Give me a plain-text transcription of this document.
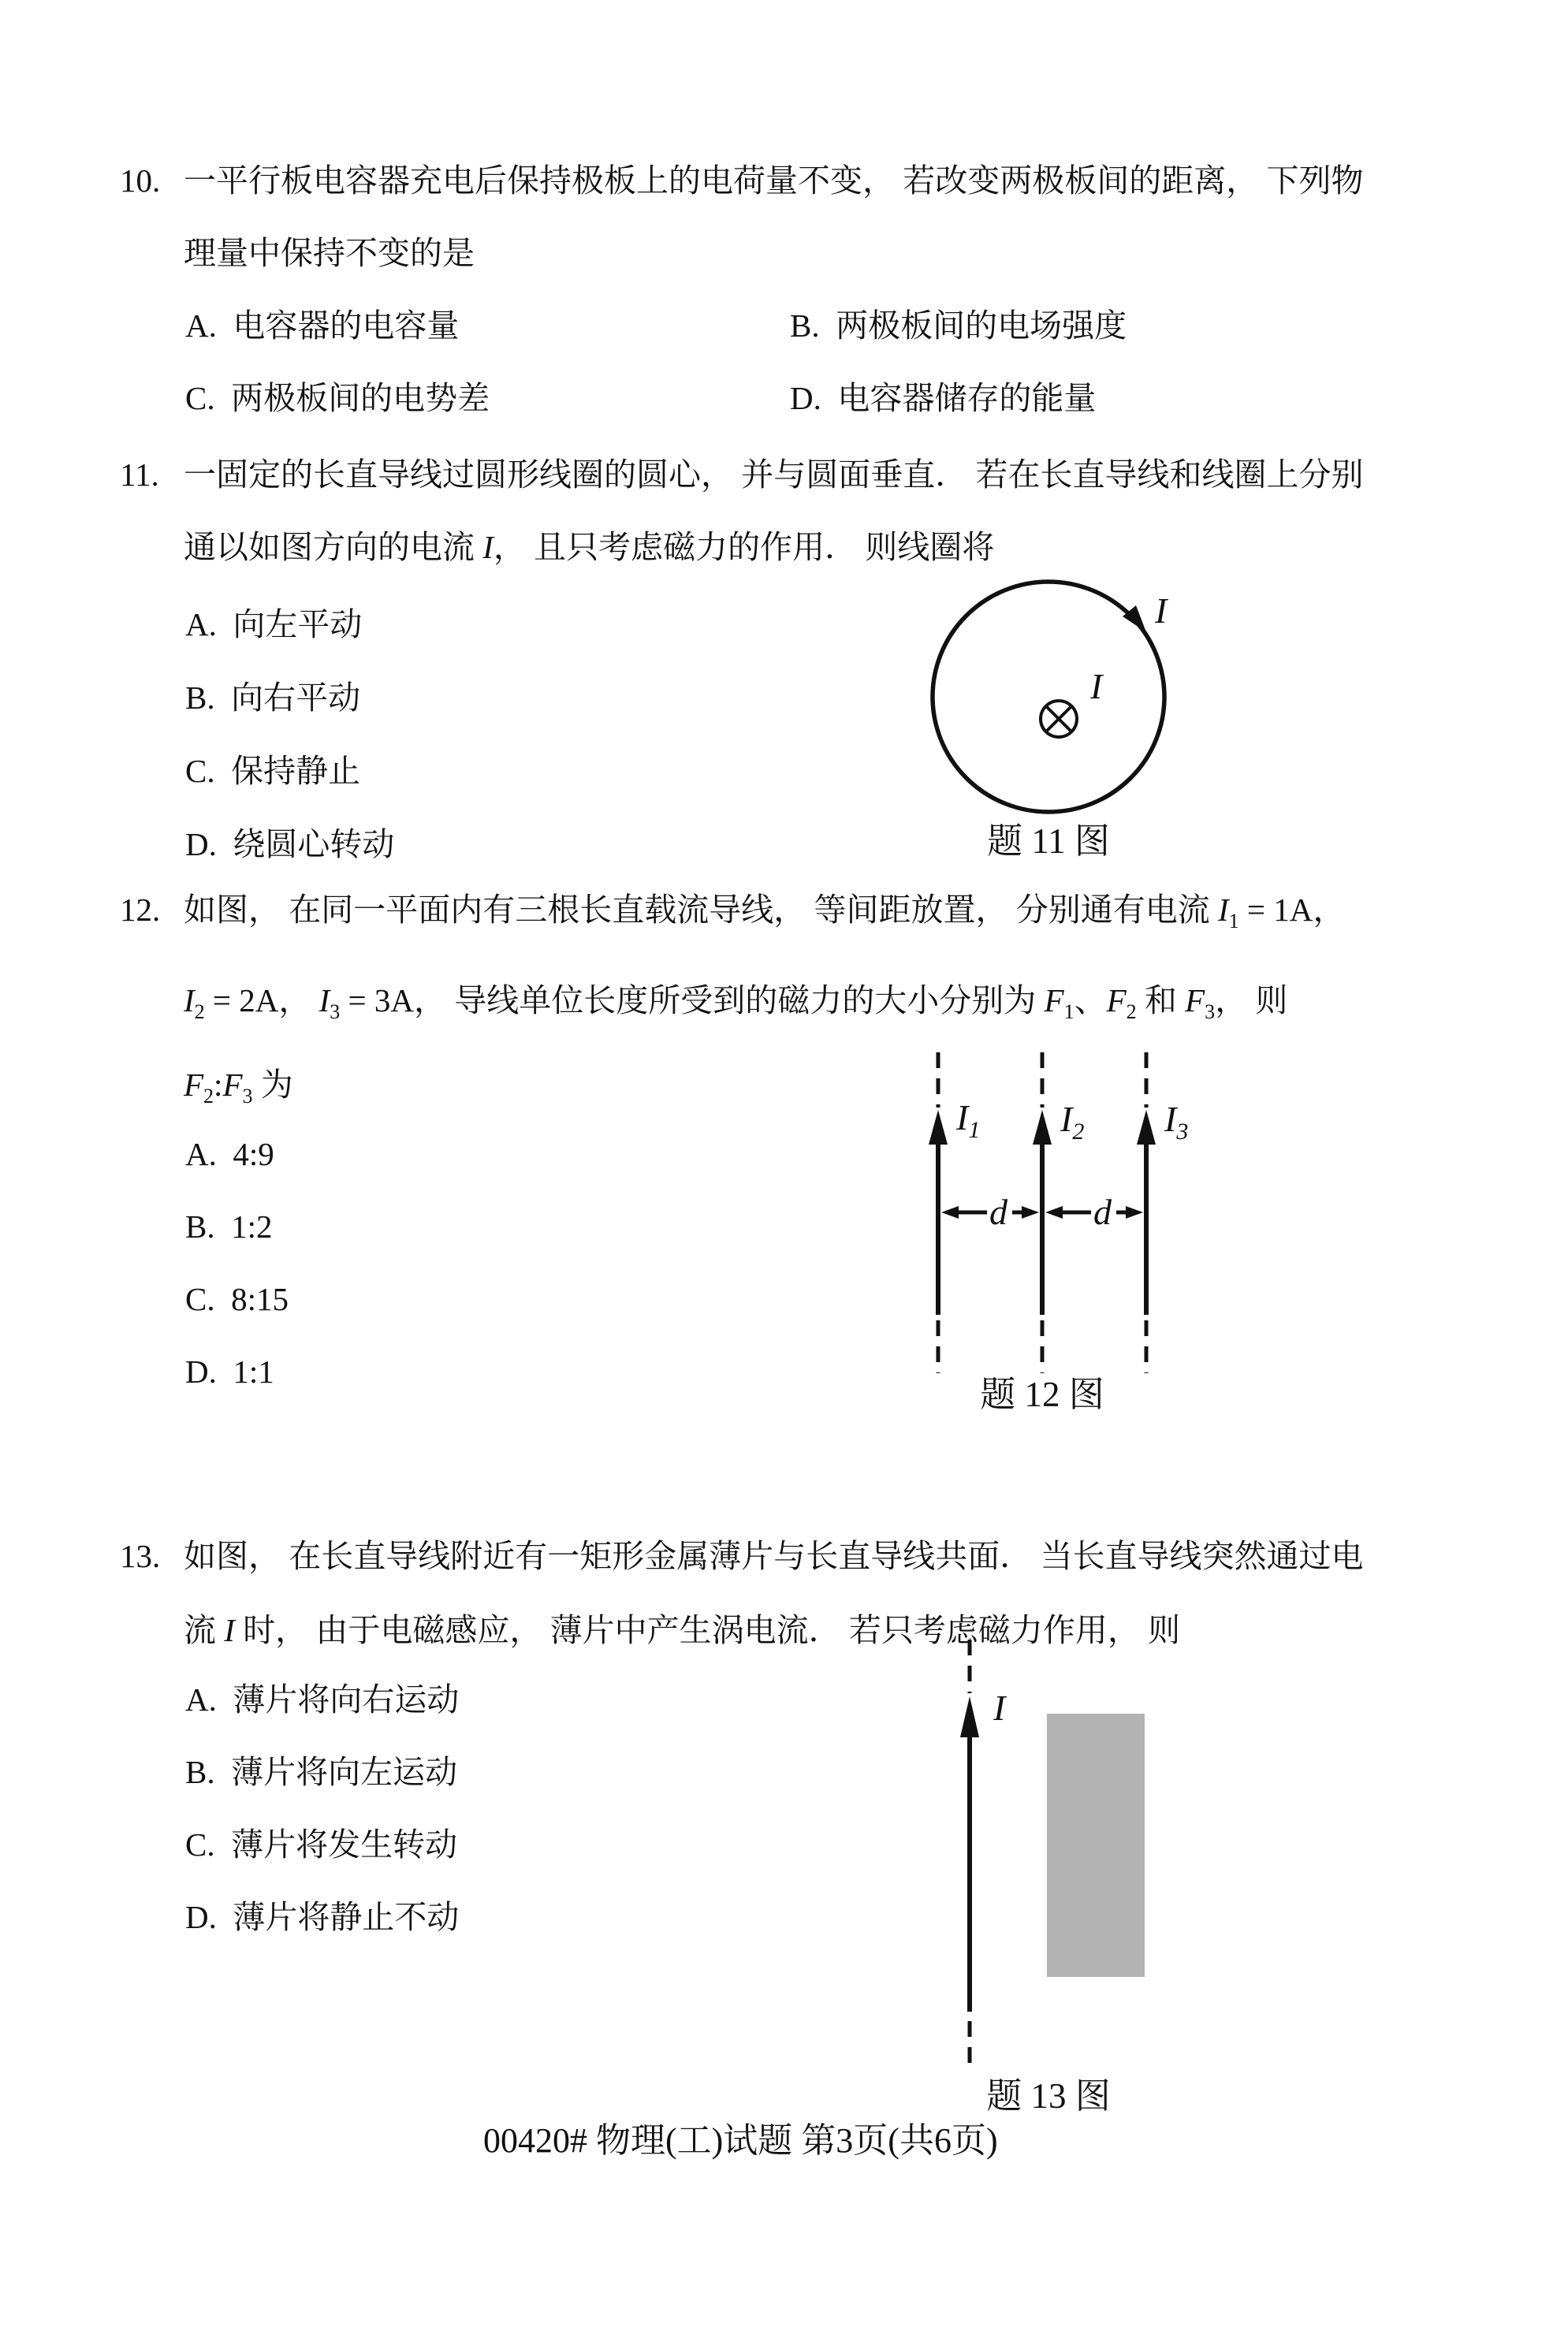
10. 一平行板电容器充电后保持极板上的电荷量不变， 若改变两极板间的距离， 下列物
理量中保持不变的是
A.  电容器的电容量	B.  两极板间的电场强度
C.  两极板间的电势差	D.  电容器储存的能量
11. 一固定的长直导线过圆形线圈的圆心， 并与圆面垂直． 若在长直导线和线圈上分别
通以如图方向的电流 I， 且只考虑磁力的作用． 则线圈将
A.  向左平动
B.  向右平动
C.  保持静止
D.  绕圆心转动
I
I
题 11 图
12. 如图， 在同一平面内有三根长直载流导线， 等间距放置， 分别通有电流 $I_1 = 1A$，
$I_2 = 2A$， $I_3 = 3A$， 导线单位长度所受到的磁力的大小分别为 $F_1$、$F_2$ 和 $F_3$， 则
$F_2:F_3$ 为
A.  4:9
B.  1:2
C.  8:15
D.  1:1
$I_1$ $I_2$ $I_3$
d d
题 12 图
13. 如图， 在长直导线附近有一矩形金属薄片与长直导线共面． 当长直导线突然通过电
流 I 时， 由于电磁感应， 薄片中产生涡电流． 若只考虑磁力作用， 则
A.  薄片将向右运动
B.  薄片将向左运动
C.  薄片将发生转动
D.  薄片将静止不动
I
题 13 图
00420# 物理(工)试题 第3页(共6页)
